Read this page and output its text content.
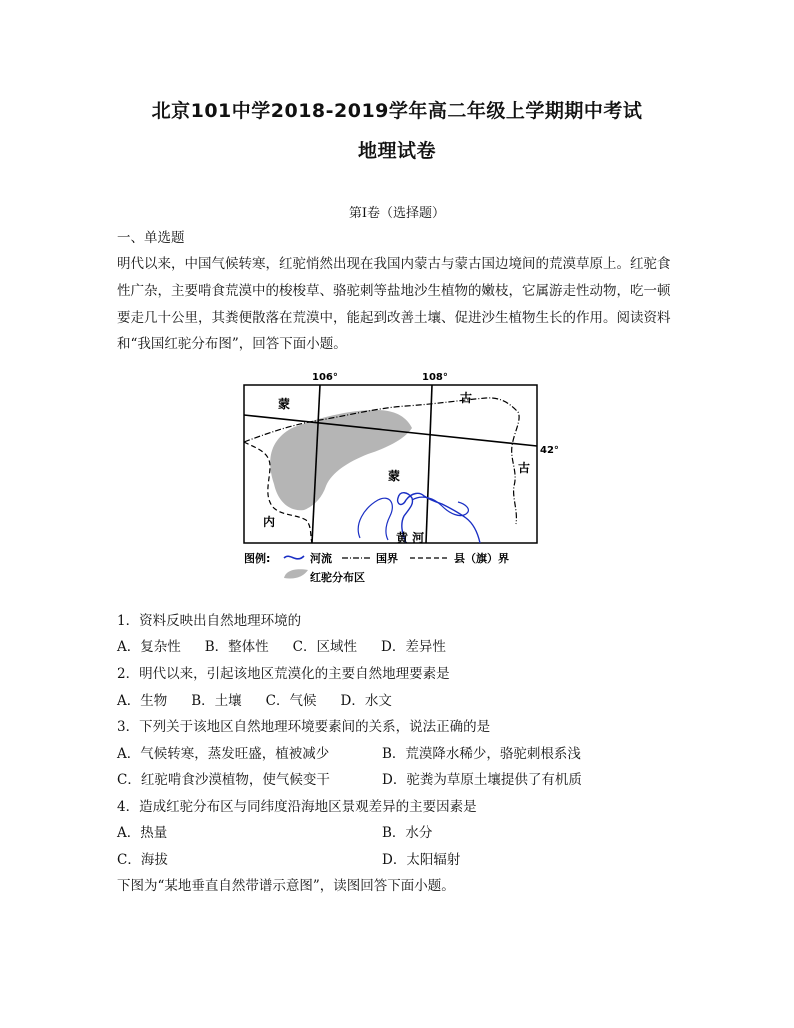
北京101中学2018-2019学年高二年级上学期期中考试
地理试卷
第Ⅰ卷（选择题）
一、单选题
明代以来，中国气候转寒，红驼悄然出现在我国内蒙古与蒙古国边境间的荒漠草原上。红驼食
性广杂，主要啃食荒漠中的梭梭草、骆驼刺等盐地沙生植物的嫩枝，它属游走性动物，吃一顿
要走几十公里，其粪便散落在荒漠中，能起到改善土壤、促进沙生植物生长的作用。阅读资料
和“我国红驼分布图”，回答下面小题。
106°	108°
42°
蒙	古
古
蒙
内
黄 河
图例:	河流	国界	县（旗）界
红驼分布区
1．资料反映出自然地理环境的
A．复杂性 B．整体性 C．区域性 D．差异性
2．明代以来，引起该地区荒漠化的主要自然地理要素是
A．生物 B．土壤 C．气候 D．水文
3．下列关于该地区自然地理环境要素间的关系，说法正确的是
A．气候转寒，蒸发旺盛，植被减少	B．荒漠降水稀少，骆驼刺根系浅
C．红驼啃食沙漠植物，使气候变干	D．驼粪为草原土壤提供了有机质
4．造成红驼分布区与同纬度沿海地区景观差异的主要因素是
A．热量	B．水分
C．海拔	D．太阳辐射
下图为“某地垂直自然带谱示意图”，读图回答下面小题。
